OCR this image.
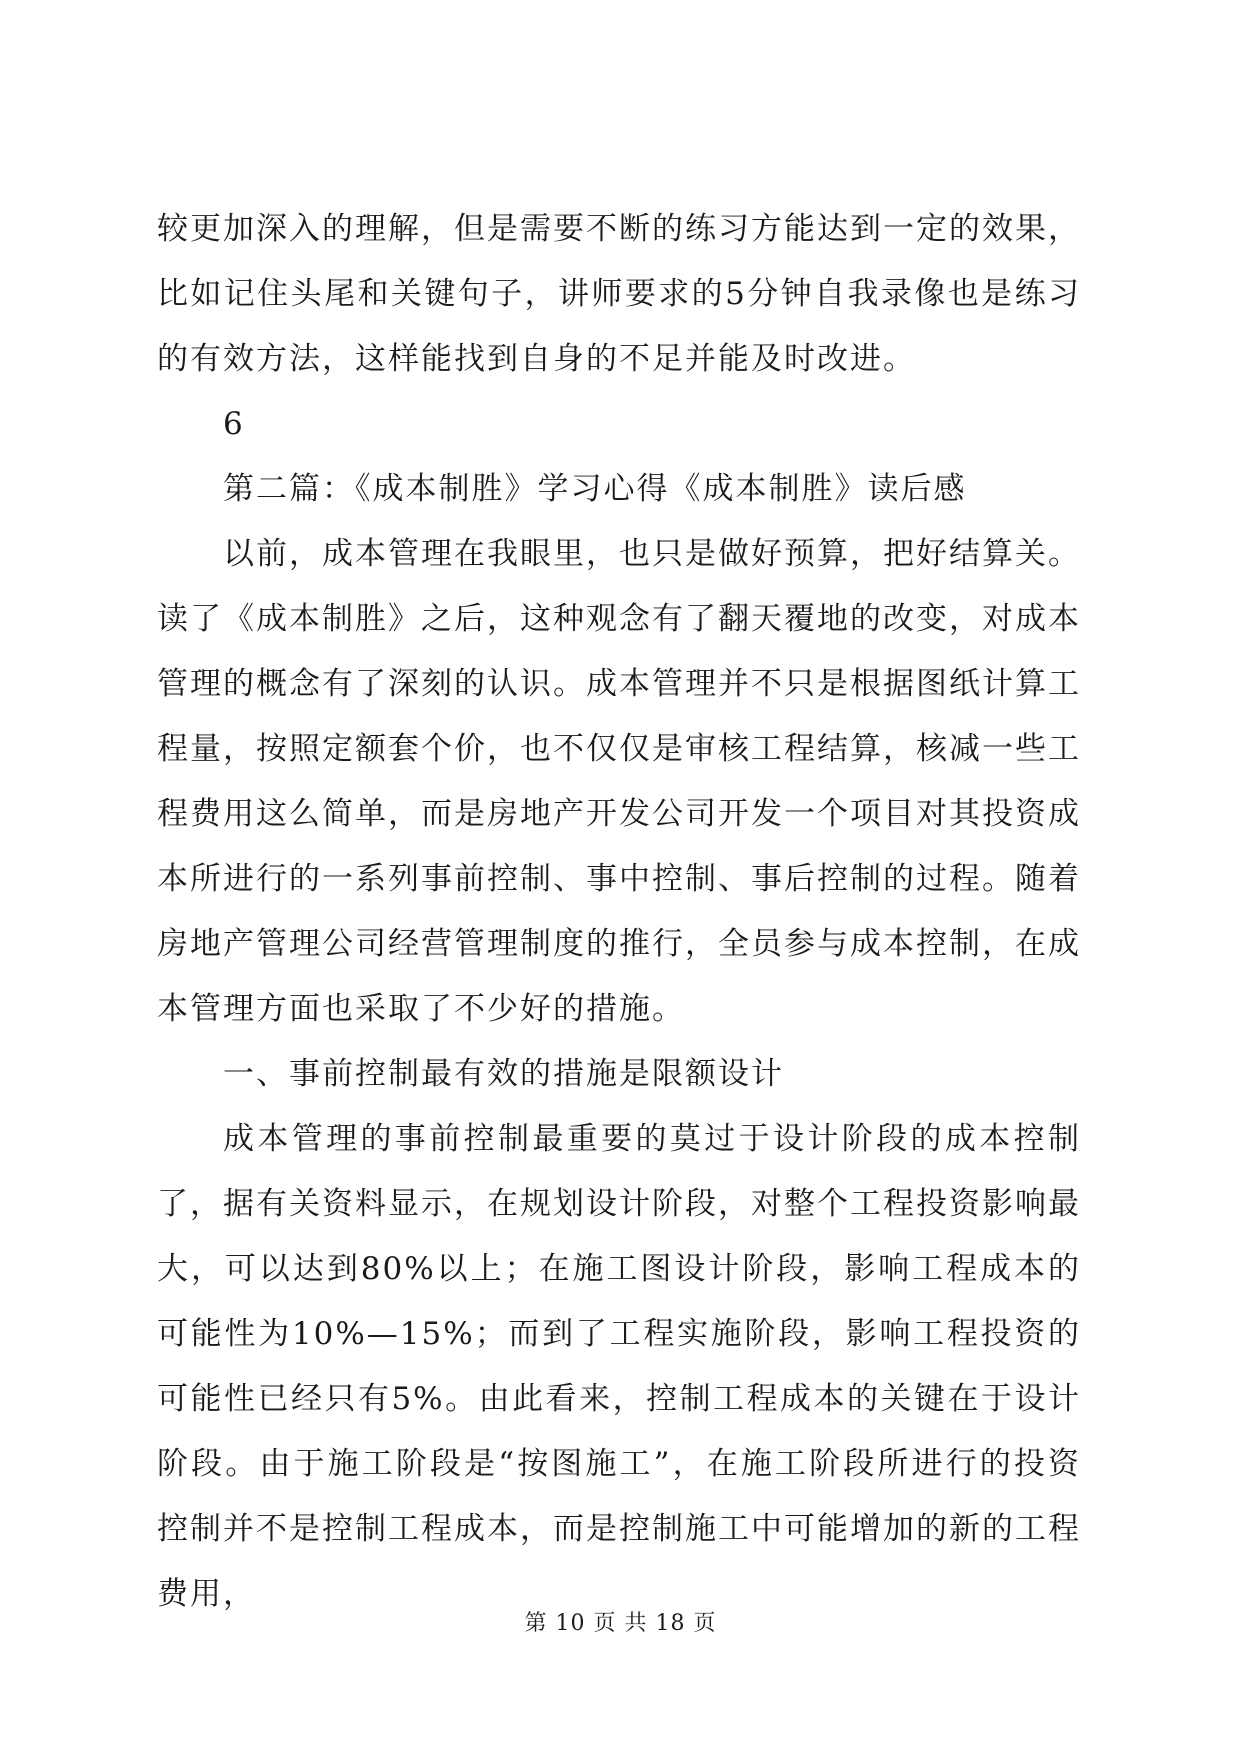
较更加深入的理解，但是需要不断的练习方能达到一定的效果，比如记住头尾和关键句子，讲师要求的5分钟自我录像也是练习的有效方法，这样能找到自身的不足并能及时改进。

6

第二篇：《成本制胜》学习心得《成本制胜》读后感

以前，成本管理在我眼里，也只是做好预算，把好结算关。读了《成本制胜》之后，这种观念有了翻天覆地的改变，对成本管理的概念有了深刻的认识。成本管理并不只是根据图纸计算工程量，按照定额套个价，也不仅仅是审核工程结算，核减一些工程费用这么简单，而是房地产开发公司开发一个项目对其投资成本所进行的一系列事前控制、事中控制、事后控制的过程。随着房地产管理公司经营管理制度的推行，全员参与成本控制，在成本管理方面也采取了不少好的措施。

一、事前控制最有效的措施是限额设计

成本管理的事前控制最重要的莫过于设计阶段的成本控制了，据有关资料显示，在规划设计阶段，对整个工程投资影响最大，可以达到80%以上；在施工图设计阶段，影响工程成本的可能性为10%—15%；而到了工程实施阶段，影响工程投资的可能性已经只有5%。由此看来，控制工程成本的关键在于设计阶段。由于施工阶段是“按图施工”，在施工阶段所进行的投资控制并不是控制工程成本，而是控制施工中可能增加的新的工程费用，

第 10 页 共 18 页
